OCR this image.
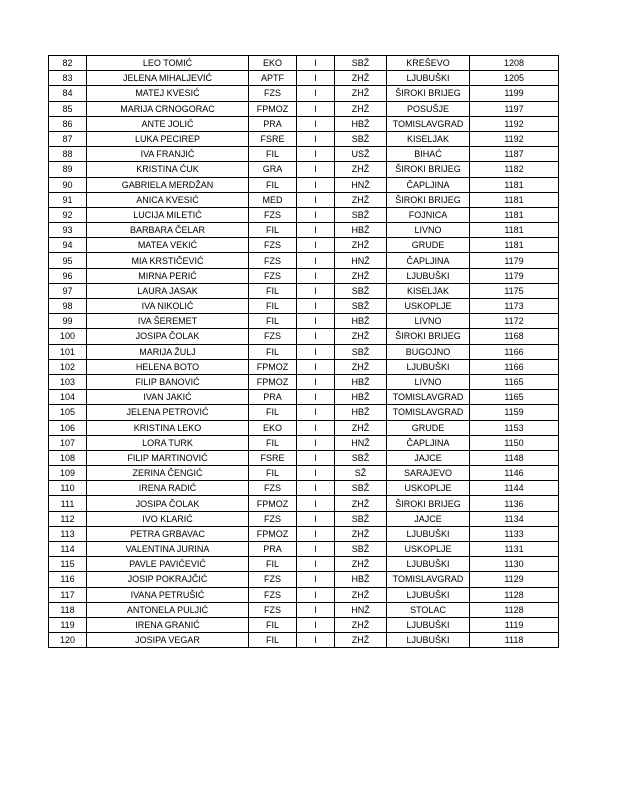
82	LEO TOMIĆ	EKO	I	SBŽ	KREŠEVO	1208
83	JELENA MIHALJEVIĆ	APTF	I	ZHŽ	LJUBUŠKI	1205
84	MATEJ KVESIĆ	FZS	I	ZHŽ	ŠIROKI BRIJEG	1199
85	MARIJA CRNOGORAC	FPMOZ	I	ZHŽ	POSUŠJE	1197
86	ANTE JOLIĆ	PRA	I	HBŽ	TOMISLAVGRAD	1192
87	LUKA PECIREP	FSRE	I	SBŽ	KISELJAK	1192
88	IVA FRANJIĆ	FIL	I	USŽ	BIHAĆ	1187
89	KRISTINA ĆUK	GRA	I	ZHŽ	ŠIROKI BRIJEG	1182
90	GABRIELA MERDŽAN	FIL	I	HNŽ	ČAPLJINA	1181
91	ANICA KVESIĆ	MED	I	ZHŽ	ŠIROKI BRIJEG	1181
92	LUCIJA MILETIĆ	FZS	I	SBŽ	FOJNICA	1181
93	BARBARA ČELAR	FIL	I	HBŽ	LIVNO	1181
94	MATEA VEKIĆ	FZS	I	ZHŽ	GRUDE	1181
95	MIA KRSTIČEVIĆ	FZS	I	HNŽ	ČAPLJINA	1179
96	MIRNA PERIĆ	FZS	I	ZHŽ	LJUBUŠKI	1179
97	LAURA JASAK	FIL	I	SBŽ	KISELJAK	1175
98	IVA NIKOLIĆ	FIL	I	SBŽ	USKOPLJE	1173
99	IVA ŠEREMET	FIL	I	HBŽ	LIVNO	1172
100	JOSIPA ČOLAK	FZS	I	ZHŽ	ŠIROKI BRIJEG	1168
101	MARIJA ŽULJ	FIL	I	SBŽ	BUGOJNO	1166
102	HELENA BOTO	FPMOZ	I	ZHŽ	LJUBUŠKI	1166
103	FILIP BANOVIĆ	FPMOZ	I	HBŽ	LIVNO	1165
104	IVAN JAKIĆ	PRA	I	HBŽ	TOMISLAVGRAD	1165
105	JELENA PETROVIĆ	FIL	I	HBŽ	TOMISLAVGRAD	1159
106	KRISTINA LEKO	EKO	I	ZHŽ	GRUDE	1153
107	LORA TURK	FIL	I	HNŽ	ČAPLJINA	1150
108	FILIP MARTINOVIĆ	FSRE	I	SBŽ	JAJCE	1148
109	ZERINA ČENGIĆ	FIL	I	SŽ	SARAJEVO	1146
110	IRENA RADIĆ	FZS	I	SBŽ	USKOPLJE	1144
111	JOSIPA ČOLAK	FPMOZ	I	ZHŽ	ŠIROKI BRIJEG	1136
112	IVO KLARIĆ	FZS	I	SBŽ	JAJCE	1134
113	PETRA GRBAVAC	FPMOZ	I	ZHŽ	LJUBUŠKI	1133
114	VALENTINA JURINA	PRA	I	SBŽ	USKOPLJE	1131
115	PAVLE PAVIĆEVIĆ	FIL	I	ZHŽ	LJUBUŠKI	1130
116	JOSIP POKRAJČIĆ	FZS	I	HBŽ	TOMISLAVGRAD	1129
117	IVANA PETRUŠIĆ	FZS	I	ZHŽ	LJUBUŠKI	1128
118	ANTONELA PULJIĆ	FZS	I	HNŽ	STOLAC	1128
119	IRENA GRANIĆ	FIL	I	ZHŽ	LJUBUŠKI	1119
120	JOSIPA VEGAR	FIL	I	ZHŽ	LJUBUŠKI	1118
